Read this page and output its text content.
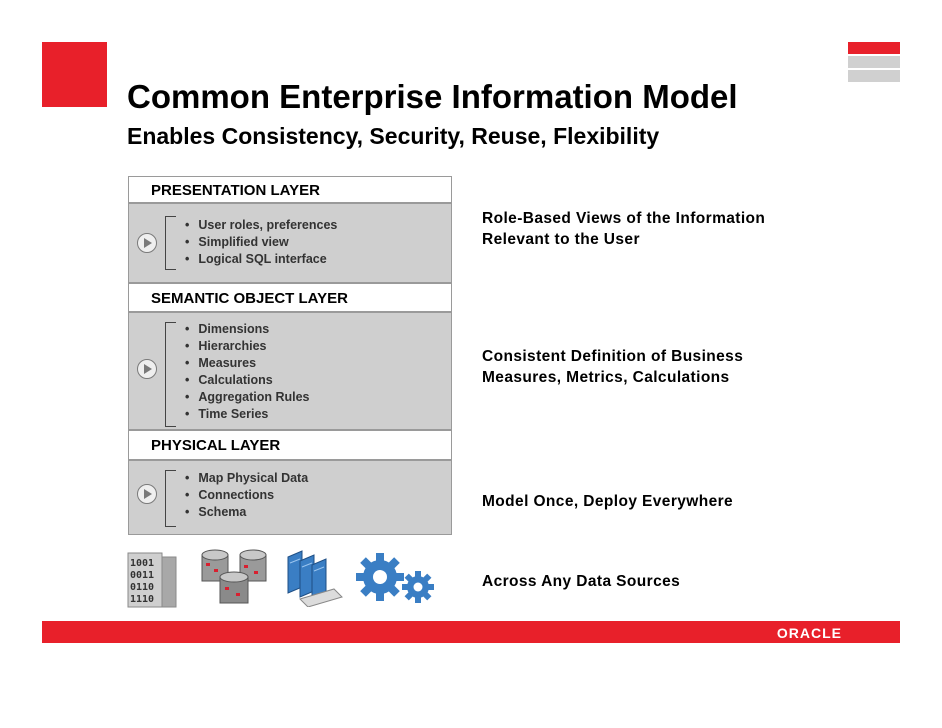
Common Enterprise Information Model
Enables Consistency, Security, Reuse, Flexibility
PRESENTATION LAYER
• User roles, preferences
• Simplified view
• Logical SQL interface
SEMANTIC OBJECT LAYER
• Dimensions
• Hierarchies
• Measures
• Calculations
• Aggregation Rules
• Time Series
PHYSICAL LAYER
• Map Physical Data
• Connections
• Schema
Role-Based Views of the Information
Relevant to the User
Consistent Definition of Business
Measures, Metrics, Calculations
Model Once, Deploy Everywhere
Across Any Data Sources
1001
0011
0110
1110
ORACLE
